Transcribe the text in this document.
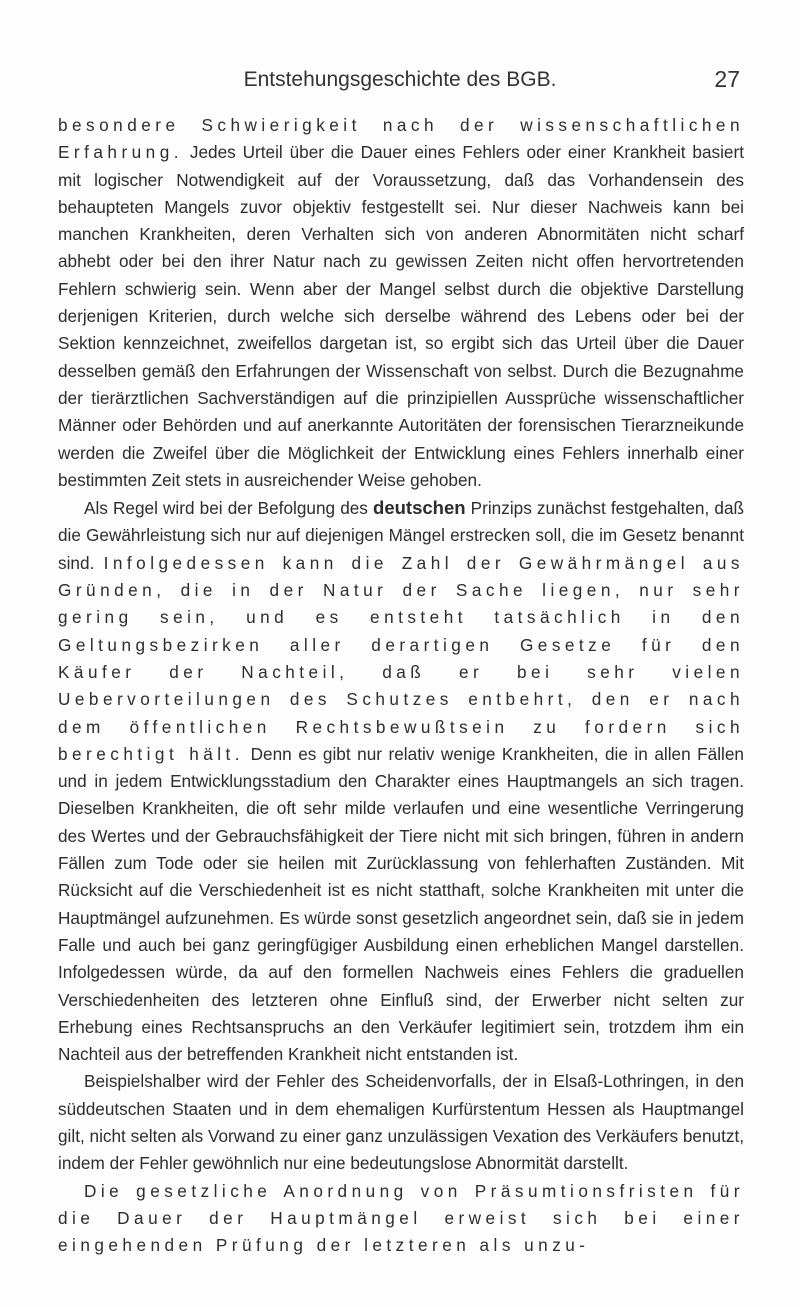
Entstehungsgeschichte des BGB.	27

besondere Schwierigkeit nach der wissenschaftlichen Erfahrung. Jedes Urteil über die Dauer eines Fehlers oder einer Krankheit basiert mit logischer Notwendigkeit auf der Voraussetzung, daß das Vorhandensein des behaupteten Mangels zuvor objektiv festgestellt sei. Nur dieser Nachweis kann bei manchen Krankheiten, deren Verhalten sich von anderen Abnormitäten nicht scharf abhebt oder bei den ihrer Natur nach zu gewissen Zeiten nicht offen hervortretenden Fehlern schwierig sein. Wenn aber der Mangel selbst durch die objektive Darstellung derjenigen Kriterien, durch welche sich derselbe während des Lebens oder bei der Sektion kennzeichnet, zweifellos dargetan ist, so ergibt sich das Urteil über die Dauer desselben gemäß den Erfahrungen der Wissenschaft von selbst. Durch die Bezugnahme der tierärztlichen Sachverständigen auf die prinzipiellen Aussprüche wissenschaftlicher Männer oder Behörden und auf anerkannte Autoritäten der forensischen Tierarzneikunde werden die Zweifel über die Möglichkeit der Entwicklung eines Fehlers innerhalb einer bestimmten Zeit stets in ausreichender Weise gehoben.

Als Regel wird bei der Befolgung des deutschen Prinzips zunächst festgehalten, daß die Gewährleistung sich nur auf diejenigen Mängel erstrecken soll, die im Gesetz benannt sind. Infolgedessen kann die Zahl der Gewährmängel aus Gründen, die in der Natur der Sache liegen, nur sehr gering sein, und es entsteht tatsächlich in den Geltungsbezirken aller derartigen Gesetze für den Käufer der Nachteil, daß er bei sehr vielen Uebervorteilungen des Schutzes entbehrt, den er nach dem öffentlichen Rechtsbewußtsein zu fordern sich berechtigt hält. Denn es gibt nur relativ wenige Krankheiten, die in allen Fällen und in jedem Entwicklungsstadium den Charakter eines Hauptmangels an sich tragen. Dieselben Krankheiten, die oft sehr milde verlaufen und eine wesentliche Verringerung des Wertes und der Gebrauchsfähigkeit der Tiere nicht mit sich bringen, führen in andern Fällen zum Tode oder sie heilen mit Zurücklassung von fehlerhaften Zuständen. Mit Rücksicht auf die Verschiedenheit ist es nicht statthaft, solche Krankheiten mit unter die Hauptmängel aufzunehmen. Es würde sonst gesetzlich angeordnet sein, daß sie in jedem Falle und auch bei ganz geringfügiger Ausbildung einen erheblichen Mangel darstellen. Infolgedessen würde, da auf den formellen Nachweis eines Fehlers die graduellen Verschiedenheiten des letzteren ohne Einfluß sind, der Erwerber nicht selten zur Erhebung eines Rechtsanspruchs an den Verkäufer legitimiert sein, trotzdem ihm ein Nachteil aus der betreffenden Krankheit nicht entstanden ist.

Beispielshalber wird der Fehler des Scheidenvorfalls, der in Elsaß-Lothringen, in den süddeutschen Staaten und in dem ehemaligen Kurfürstentum Hessen als Hauptmangel gilt, nicht selten als Vorwand zu einer ganz unzulässigen Vexation des Verkäufers benutzt, indem der Fehler gewöhnlich nur eine bedeutungslose Abnormität darstellt.

Die gesetzliche Anordnung von Präsumtionsfristen für die Dauer der Hauptmängel erweist sich bei einer eingehenden Prüfung der letzteren als unzu-
